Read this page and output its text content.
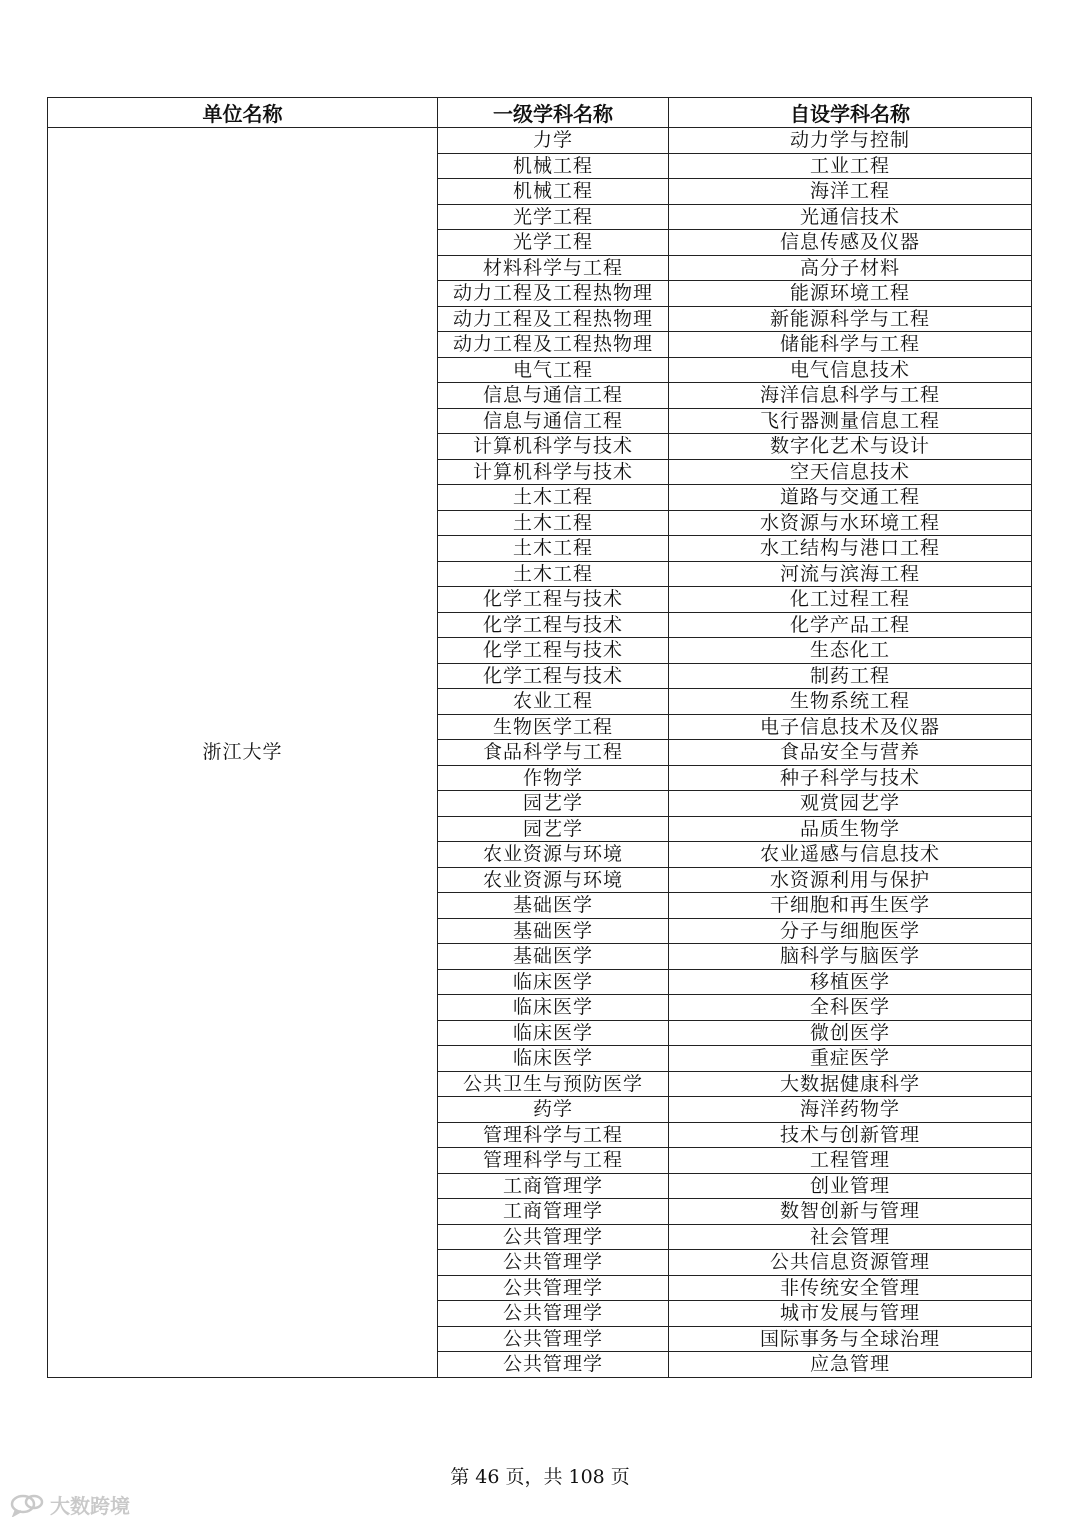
单位名称	一级学科名称	自设学科名称
浙江大学	力学	动力学与控制
	机械工程	工业工程
	机械工程	海洋工程
	光学工程	光通信技术
	光学工程	信息传感及仪器
	材料科学与工程	高分子材料
	动力工程及工程热物理	能源环境工程
	动力工程及工程热物理	新能源科学与工程
	动力工程及工程热物理	储能科学与工程
	电气工程	电气信息技术
	信息与通信工程	海洋信息科学与工程
	信息与通信工程	飞行器测量信息工程
	计算机科学与技术	数字化艺术与设计
	计算机科学与技术	空天信息技术
	土木工程	道路与交通工程
	土木工程	水资源与水环境工程
	土木工程	水工结构与港口工程
	土木工程	河流与滨海工程
	化学工程与技术	化工过程工程
	化学工程与技术	化学产品工程
	化学工程与技术	生态化工
	化学工程与技术	制药工程
	农业工程	生物系统工程
	生物医学工程	电子信息技术及仪器
	食品科学与工程	食品安全与营养
	作物学	种子科学与技术
	园艺学	观赏园艺学
	园艺学	品质生物学
	农业资源与环境	农业遥感与信息技术
	农业资源与环境	水资源利用与保护
	基础医学	干细胞和再生医学
	基础医学	分子与细胞医学
	基础医学	脑科学与脑医学
	临床医学	移植医学
	临床医学	全科医学
	临床医学	微创医学
	临床医学	重症医学
	公共卫生与预防医学	大数据健康科学
	药学	海洋药物学
	管理科学与工程	技术与创新管理
	管理科学与工程	工程管理
	工商管理学	创业管理
	工商管理学	数智创新与管理
	公共管理学	社会管理
	公共管理学	公共信息资源管理
	公共管理学	非传统安全管理
	公共管理学	城市发展与管理
	公共管理学	国际事务与全球治理
	公共管理学	应急管理
第 46 页，共 108 页
大数跨境
